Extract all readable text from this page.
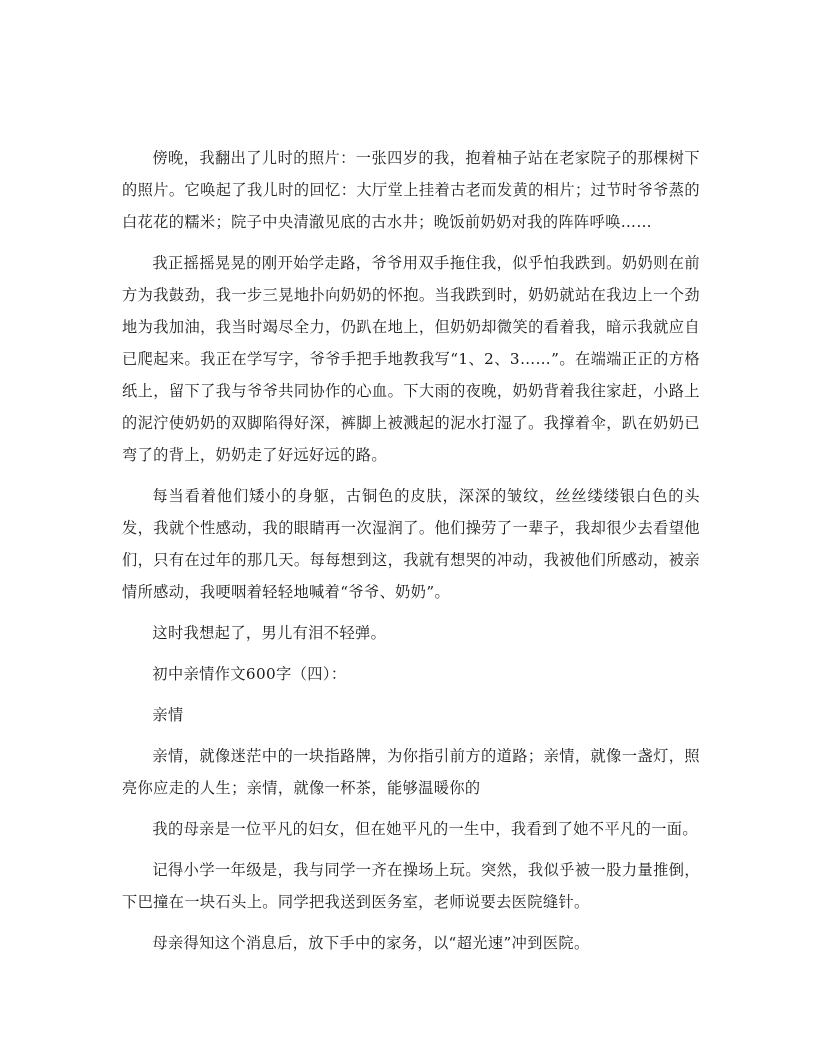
傍晚，我翻出了儿时的照片：一张四岁的我，抱着柚子站在老家院子的那棵树下的照片。它唤起了我儿时的回忆：大厅堂上挂着古老而发黄的相片；过节时爷爷蒸的白花花的糯米；院子中央清澈见底的古水井；晚饭前奶奶对我的阵阵呼唤……

我正摇摇晃晃的刚开始学走路，爷爷用双手拖住我，似乎怕我跌到。奶奶则在前方为我鼓劲，我一步三晃地扑向奶奶的怀抱。当我跌到时，奶奶就站在我边上一个劲地为我加油，我当时竭尽全力，仍趴在地上，但奶奶却微笑的看着我，暗示我就应自已爬起来。我正在学写字，爷爷手把手地教我写“1、2、3……”。在端端正正的方格纸上，留下了我与爷爷共同协作的心血。下大雨的夜晚，奶奶背着我往家赶，小路上的泥泞使奶奶的双脚陷得好深，裤脚上被溅起的泥水打湿了。我撑着伞，趴在奶奶已弯了的背上，奶奶走了好远好远的路。

每当看着他们矮小的身躯，古铜色的皮肤，深深的皱纹，丝丝缕缕银白色的头发，我就个性感动，我的眼睛再一次湿润了。他们操劳了一辈子，我却很少去看望他们，只有在过年的那几天。每每想到这，我就有想哭的冲动，我被他们所感动，被亲情所感动，我哽咽着轻轻地喊着“爷爷、奶奶”。

这时我想起了，男儿有泪不轻弹。

初中亲情作文600字（四）：

亲情

亲情，就像迷茫中的一块指路牌，为你指引前方的道路；亲情，就像一盏灯，照亮你应走的人生；亲情，就像一杯茶，能够温暖你的

我的母亲是一位平凡的妇女，但在她平凡的一生中，我看到了她不平凡的一面。

记得小学一年级是，我与同学一齐在操场上玩。突然，我似乎被一股力量推倒，下巴撞在一块石头上。同学把我送到医务室，老师说要去医院缝针。

母亲得知这个消息后，放下手中的家务，以“超光速”冲到医院。
